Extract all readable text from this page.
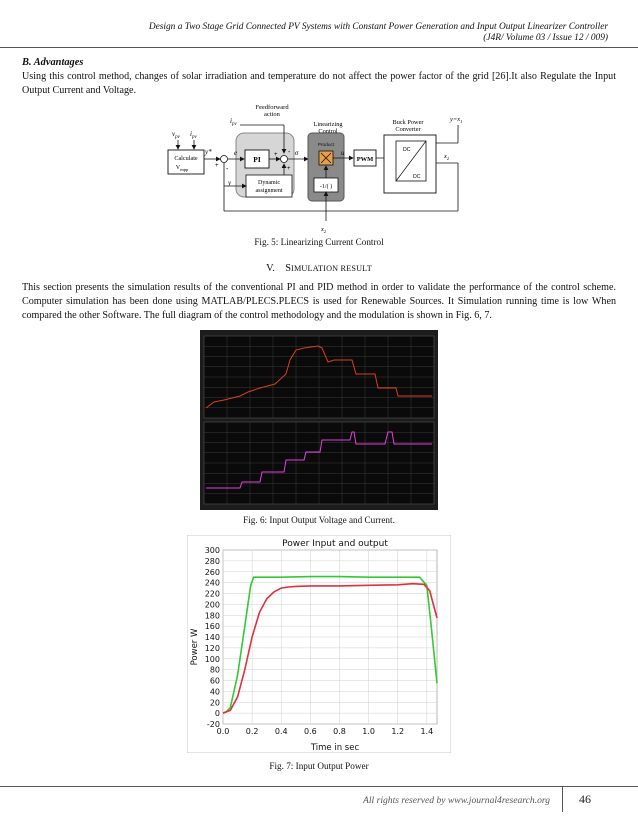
Design a Two Stage Grid Connected PV Systems with Constant Power Generation and Input Output Linearizer Controller
(J4R/ Volume 03 / Issue 12 / 009)
B. Advantages
Using this control method, changes of solar irradiation and temperature do not affect the power factor of the grid [26].It also Regulate the Input Output Current and Voltage.
Feedforward
action
$i_{pv}$
$v_{pv}$ $i_{pv}$
Calculate
$V_{mpp}$
y*
+ -
e
PI + -
+
σ
Linearizing
Control
Product
-1/( )
u
PWM
Buck Power
Converter
DC
DC
$y=x_1$
$x_2$
Dynamic
assignment
y
$x_2$
Fig. 5: Linearizing Current Control
V. SIMULATION RESULT
This section presents the simulation results of the conventional PI and PID method in order to validate the performance of the control scheme. Computer simulation has been done using MATLAB/PLECS.PLECS is used for Renewable Sources. It Simulation running time is low When compared the other Software. The full diagram of the control methodology and the modulation is shown in Fig. 6, 7.
Fig. 6: Input Output Voltage and Current.
Power Input and output
Time in sec
Power W
300
280
260
240
220
200
180
160
140
120
100
80
60
40
20
0
-20
0.0 0.2 0.4 0.6 0.8 1.0 1.2 1.4
Fig. 7: Input Output Power
All rights reserved by www.journal4research.org	46
